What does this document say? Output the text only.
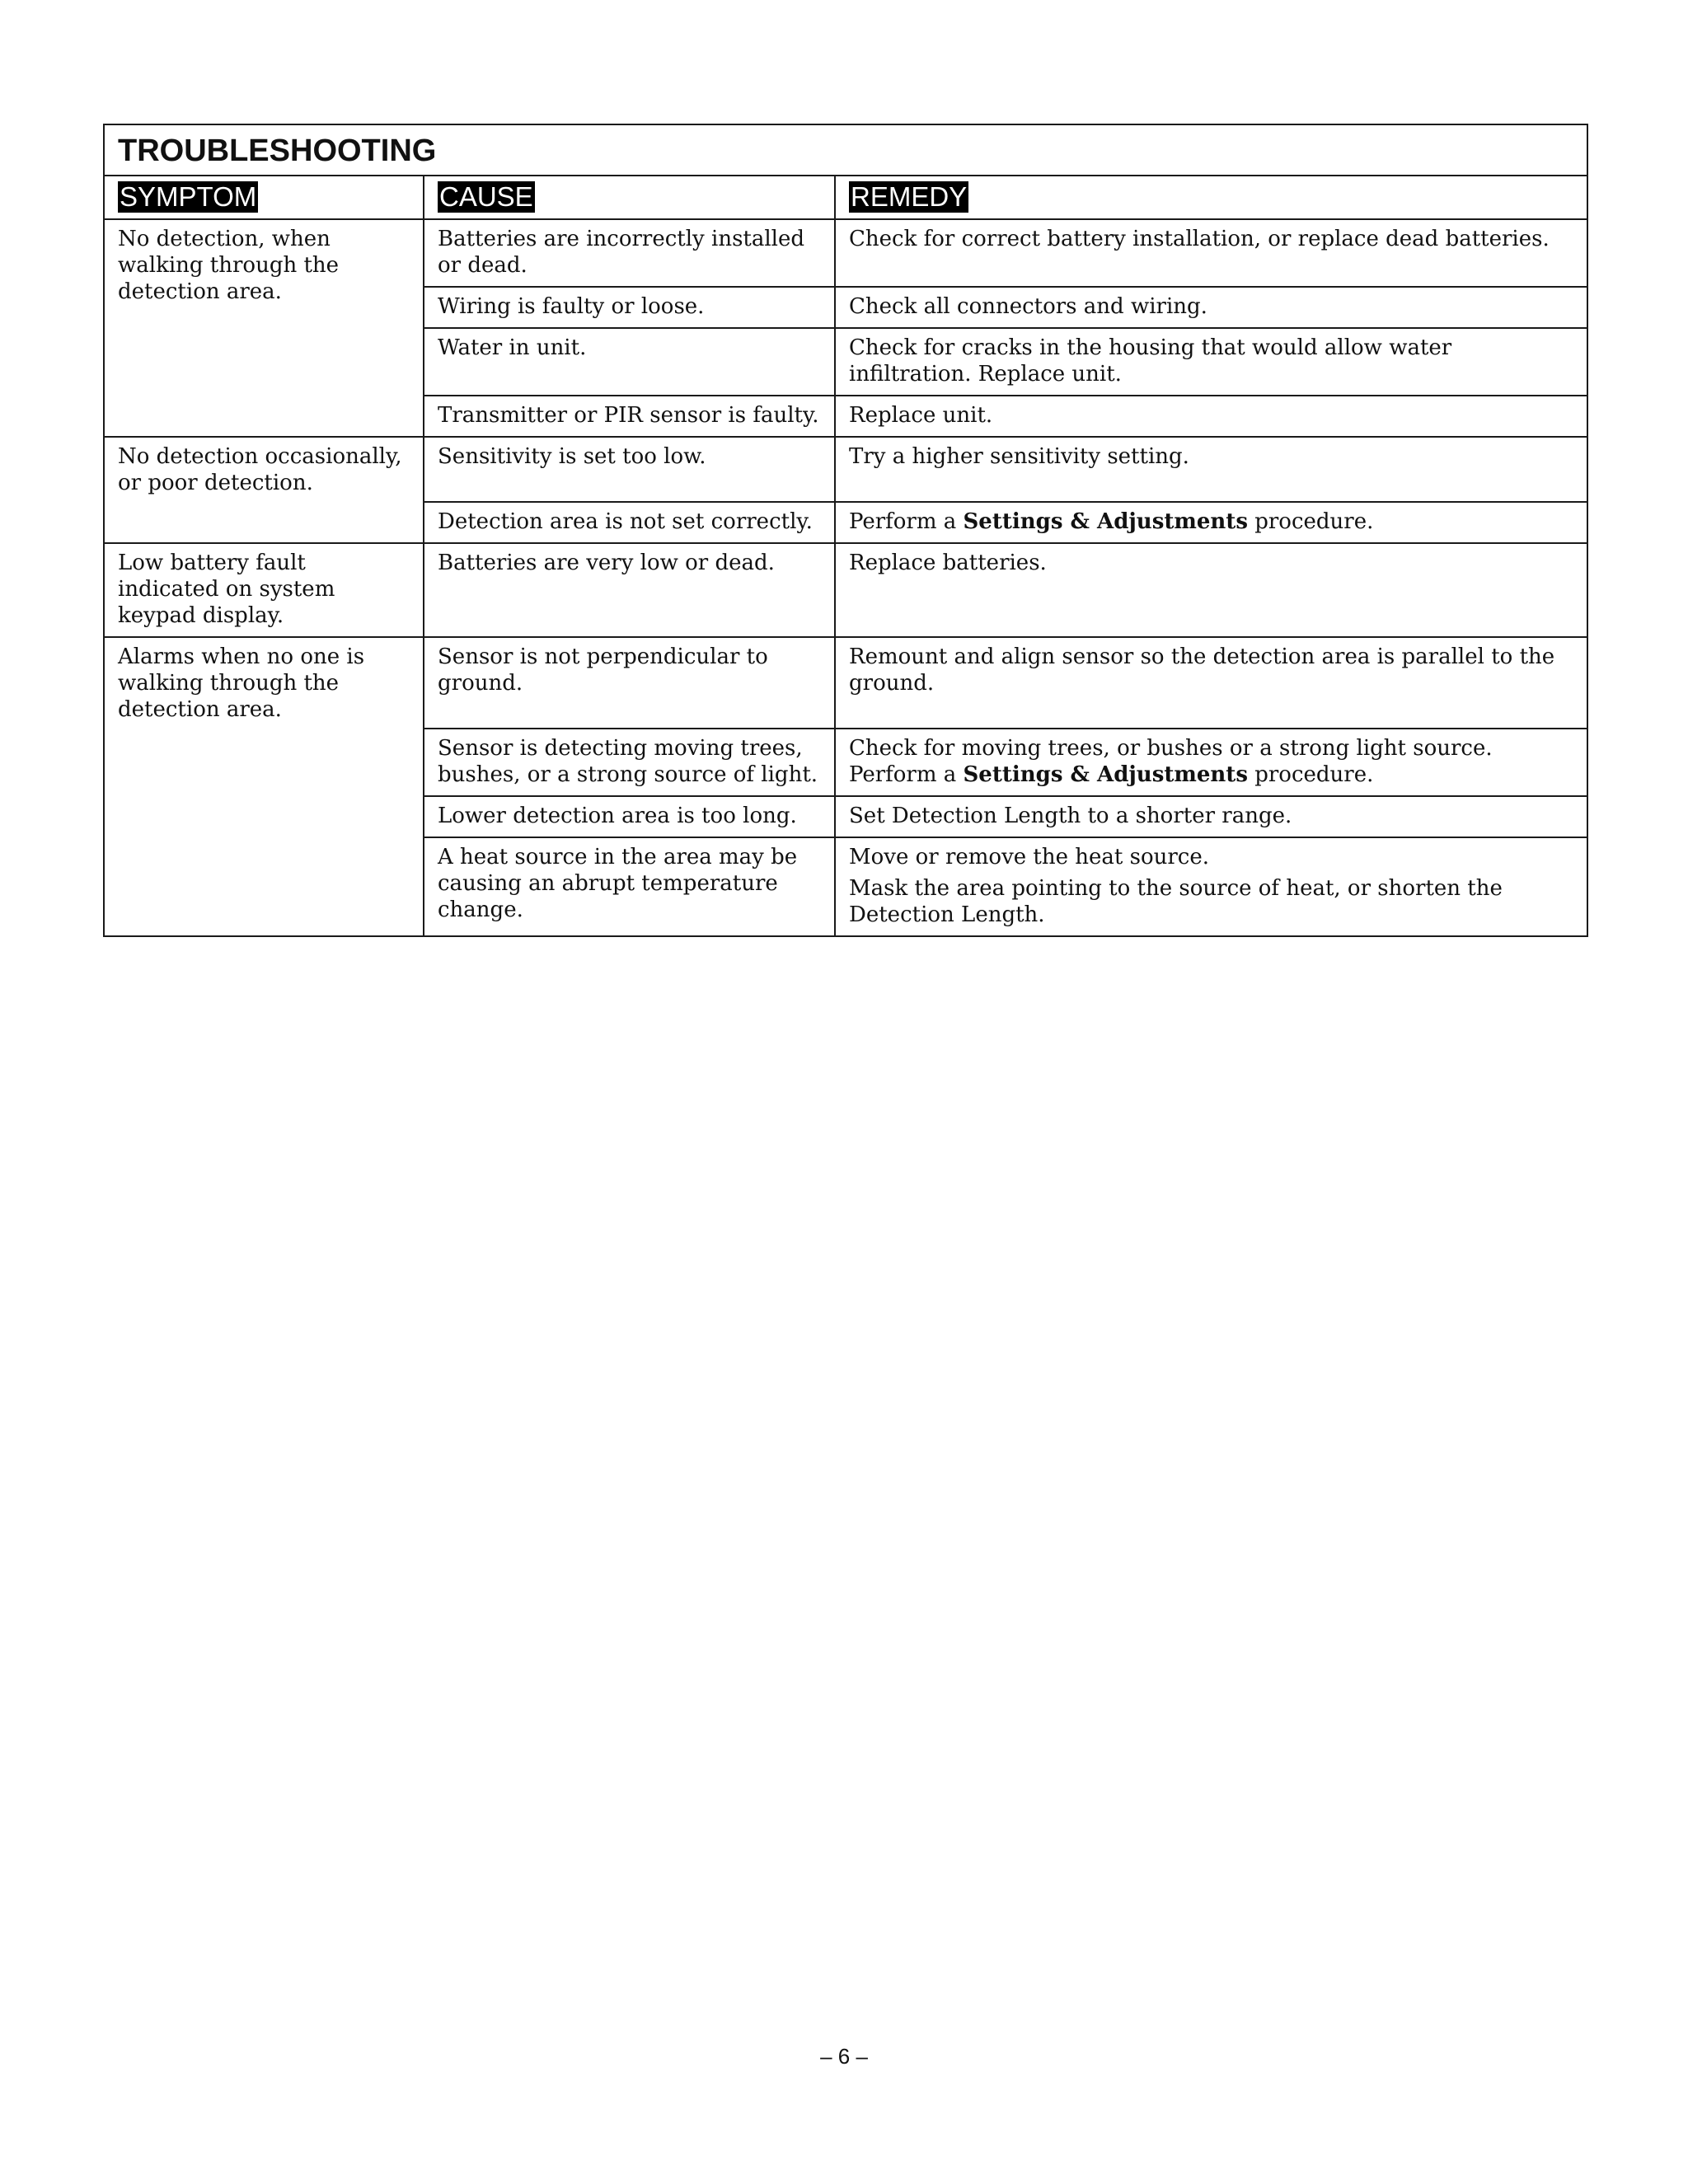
TROUBLESHOOTING		
SYMPTOM	CAUSE	REMEDY
No detection, when walking through the detection area.	Batteries are incorrectly installed or dead.	Check for correct battery installation, or replace dead batteries.
	Wiring is faulty or loose.	Check all connectors and wiring.
	Water in unit.	Check for cracks in the housing that would allow water infiltration. Replace unit.
	Transmitter or PIR sensor is faulty.	Replace unit.
No detection occasionally, or poor detection.	Sensitivity is set too low.	Try a higher sensitivity setting.
	Detection area is not set correctly.	Perform a Settings & Adjustments procedure.
Low battery fault indicated on system keypad display.	Batteries are very low or dead.	Replace batteries.
Alarms when no one is walking through the detection area.	Sensor is not perpendicular to ground.	Remount and align sensor so the detection area is parallel to the ground.
	Sensor is detecting moving trees, bushes, or a strong source of light.	Check for moving trees, or bushes or a strong light source. Perform a Settings & Adjustments procedure.
	Lower detection area is too long.	Set Detection Length to a shorter range.
	A heat source in the area may be causing an abrupt temperature change.	Move or remove the heat source.
Mask the area pointing to the source of heat, or shorten the Detection Length.
– 6 –
